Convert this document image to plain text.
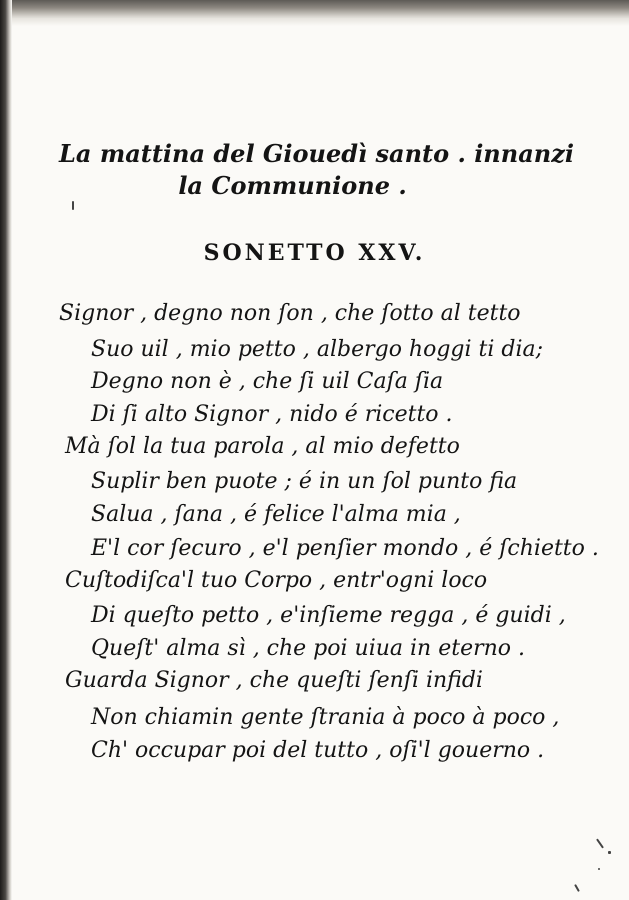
La mattina del Giouedì santo . innanzi
la Communione .
SONETTO XXV.
Signor , degno non ſon , che ſotto al tetto
Suo uil , mio petto , albergo hoggi ti dia;
Degno non è , che ſi uil Caſa ſia
Di ſi alto Signor , nido é ricetto .
Mà ſol la tua parola , al mio defetto
Suplir ben puote ; é in un ſol punto fia
Salua , ſana , é felice l'alma mia ,
E'l cor ſecuro , e'l penſier mondo , é ſchietto .
Cuſtodiſca'l tuo Corpo , entr'ogni loco
Di queſto petto , e'inſieme regga , é guidi ,
Queſt' alma sì , che poi uiua in eterno .
Guarda Signor , che queſti ſenſi infidi
Non chiamin gente ſtrania à poco à poco ,
Ch' occupar poi del tutto , oſi'l gouerno .
